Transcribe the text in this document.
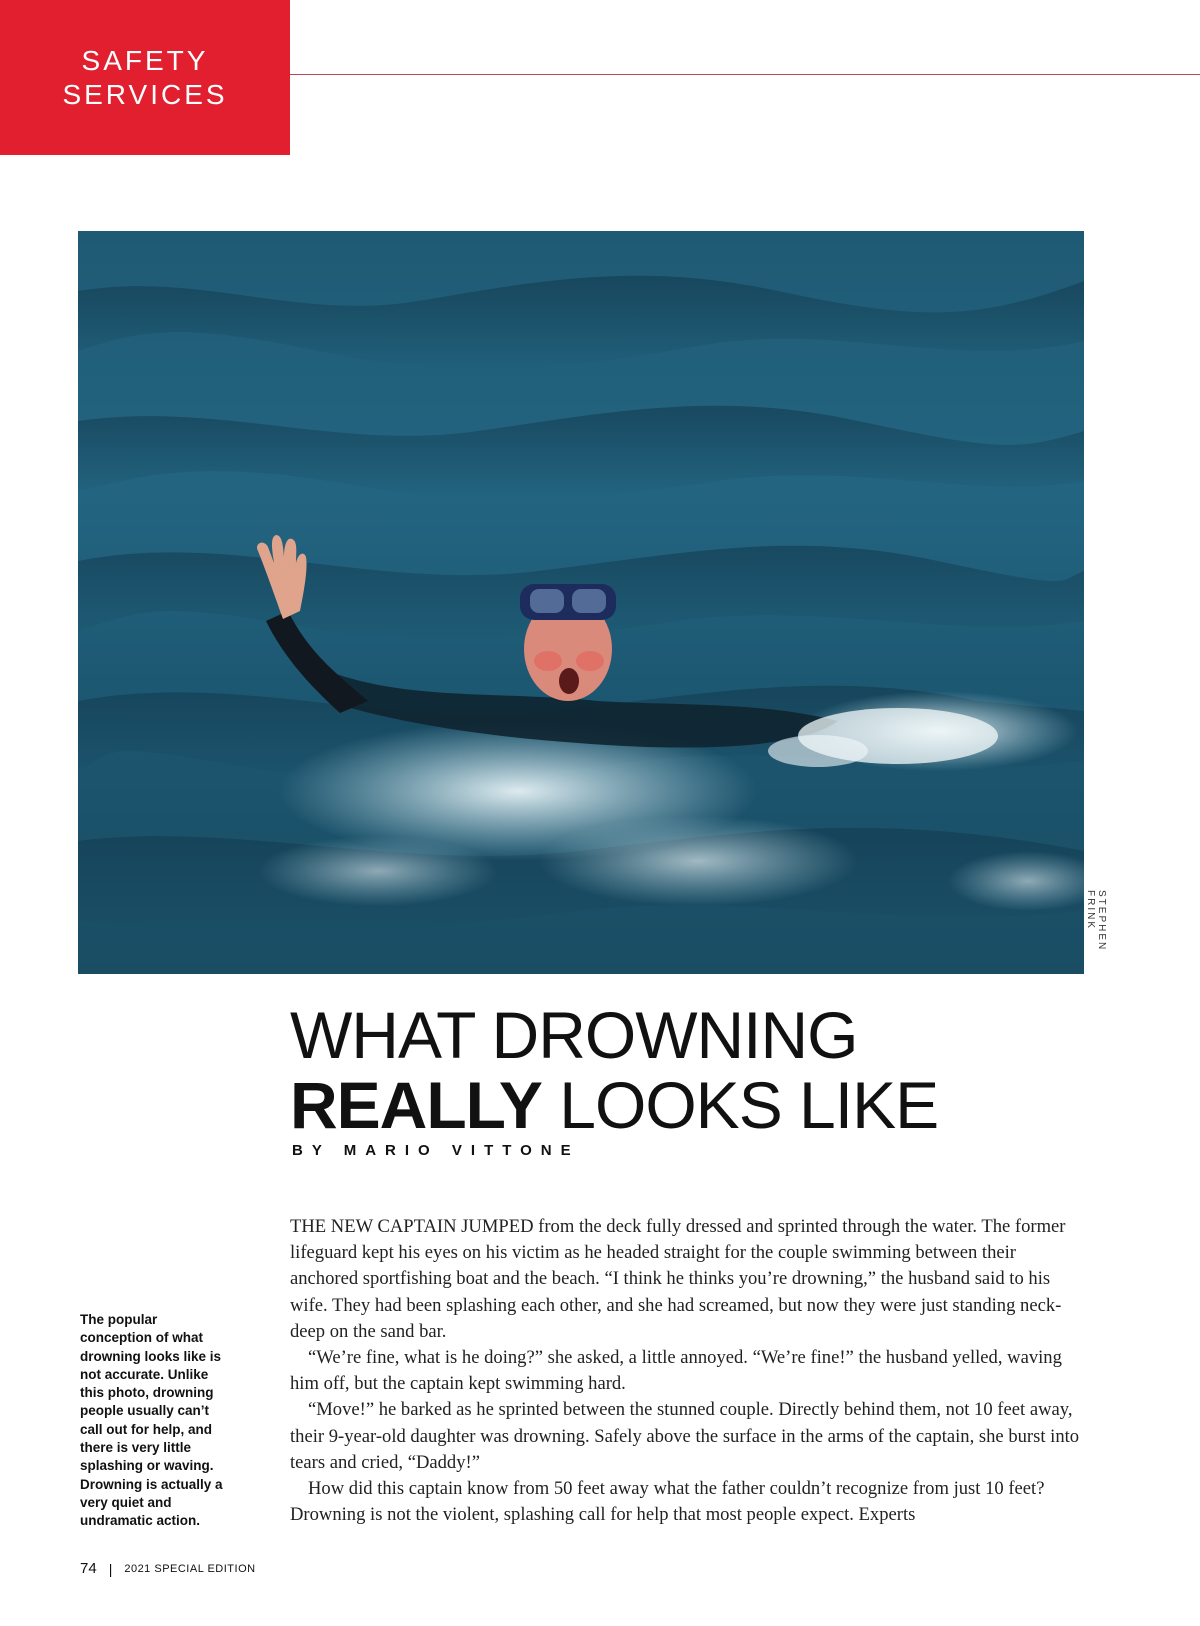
SAFETY
SERVICES
STEPHEN FRINK
WHAT DROWNING
REALLY LOOKS LIKE
BY MARIO VITTONE

The popular conception of what drowning looks like is not accurate. Unlike this photo, drowning people usually can’t call out for help, and there is very little splashing or waving. Drowning is actually a very quiet and undramatic action.

THE NEW CAPTAIN JUMPED from the deck fully dressed and sprinted through the water. The former lifeguard kept his eyes on his victim as he headed straight for the couple swimming between their anchored sportfishing boat and the beach. “I think he thinks you’re drowning,” the husband said to his wife. They had been splashing each other, and she had screamed, but now they were just standing neck-deep on the sand bar.

“We’re fine, what is he doing?” she asked, a little annoyed. “We’re fine!” the husband yelled, waving him off, but the captain kept swimming hard.

“Move!” he barked as he sprinted between the stunned couple. Directly behind them, not 10 feet away, their 9-year-old daughter was drowning. Safely above the surface in the arms of the captain, she burst into tears and cried, “Daddy!”

How did this captain know from 50 feet away what the father couldn’t recognize from just 10 feet? Drowning is not the violent, splashing call for help that most people expect. Experts

74 | 2021 SPECIAL EDITION
